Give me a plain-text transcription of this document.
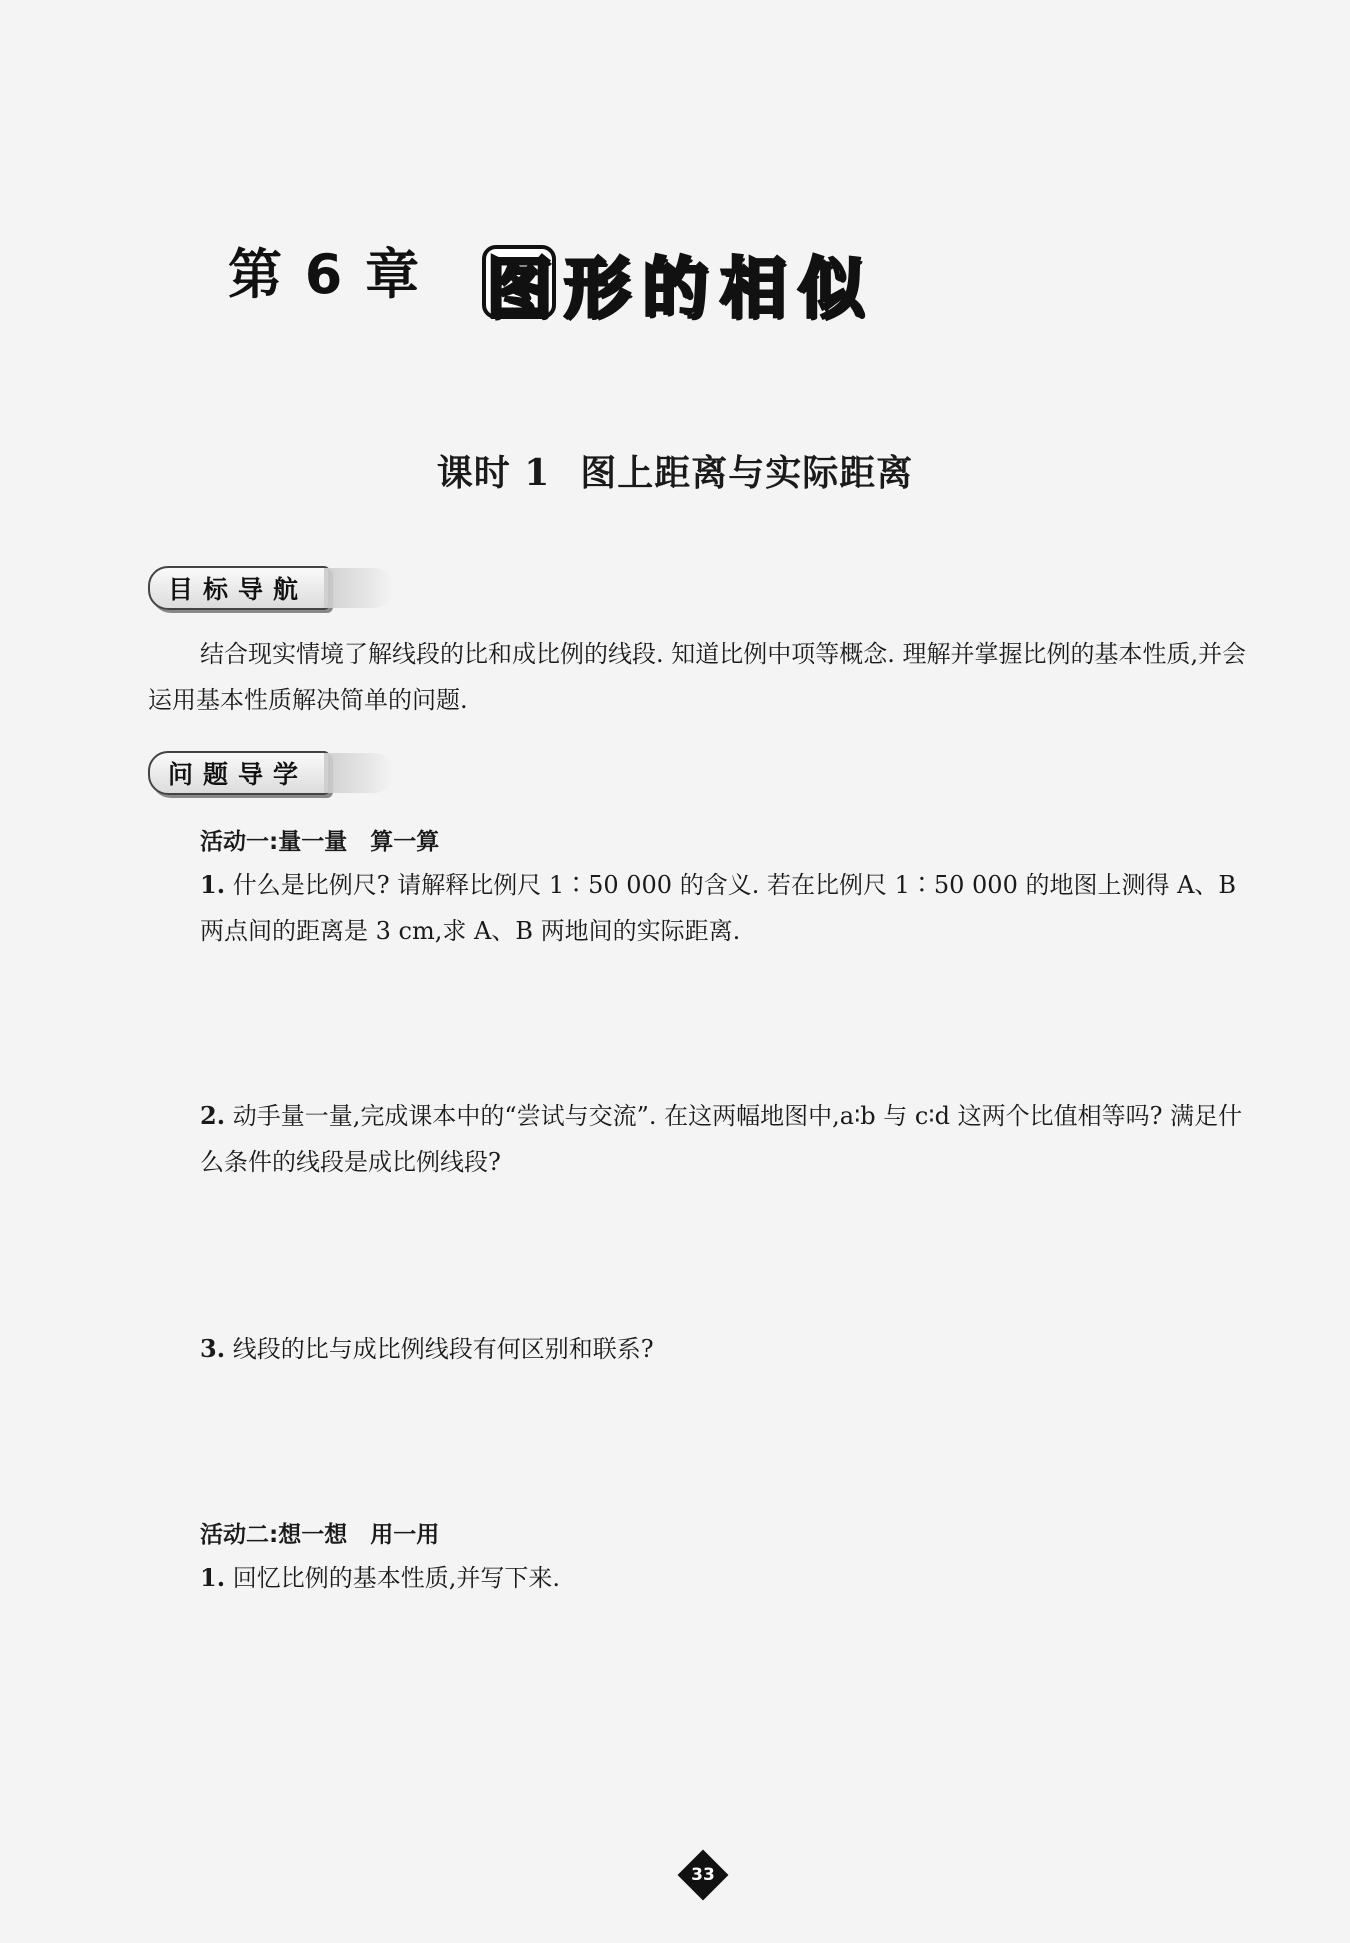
第 6 章 图 形 的 相 似
课时 1 图上距离与实际距离
目标导航
结合现实情境了解线段的比和成比例的线段. 知道比例中项等概念. 理解并掌握比例的基本性质,并会运用基本性质解决简单的问题.
问题导学
活动一:量一量　算一算
1. 什么是比例尺? 请解释比例尺 1∶50 000 的含义. 若在比例尺 1∶50 000 的地图上测得 A、B 两点间的距离是 3 cm,求 A、B 两地间的实际距离.
2. 动手量一量,完成课本中的“尝试与交流”. 在这两幅地图中,a∶b 与 c∶d 这两个比值相等吗? 满足什么条件的线段是成比例线段?
3. 线段的比与成比例线段有何区别和联系?
活动二:想一想　用一用
1. 回忆比例的基本性质,并写下来.
33
